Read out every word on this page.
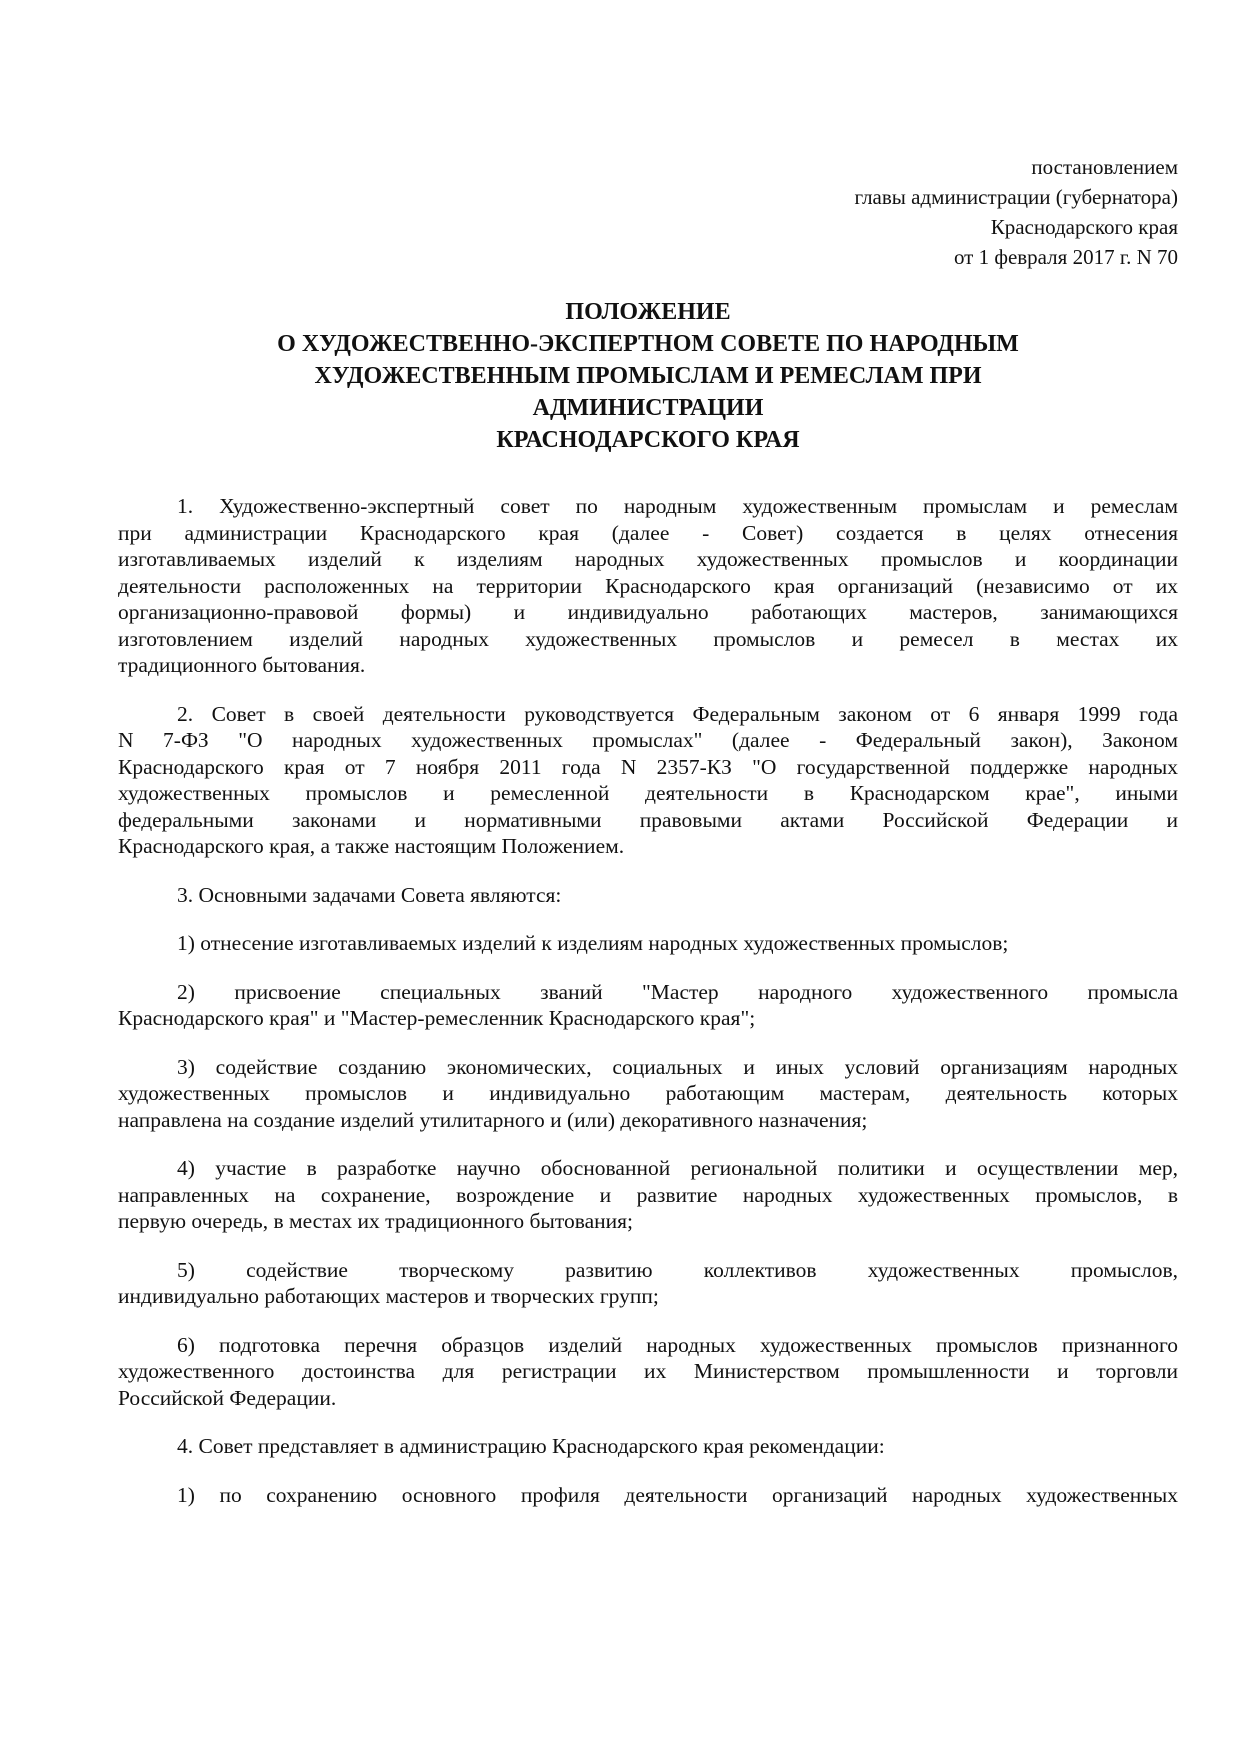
постановлением
главы администрации (губернатора)
Краснодарского края
от 1 февраля 2017 г. N 70
ПОЛОЖЕНИЕ
О ХУДОЖЕСТВЕННО-ЭКСПЕРТНОМ СОВЕТЕ ПО НАРОДНЫМ
ХУДОЖЕСТВЕННЫМ ПРОМЫСЛАМ И РЕМЕСЛАМ ПРИ
АДМИНИСТРАЦИИ
КРАСНОДАРСКОГО КРАЯ
1. Художественно-экспертный совет по народным художественным промыслам и ремеслам
при администрации Краснодарского края (далее - Совет) создается в целях отнесения
изготавливаемых изделий к изделиям народных художественных промыслов и координации
деятельности расположенных на территории Краснодарского края организаций (независимо от их
организационно-правовой формы) и индивидуально работающих мастеров, занимающихся
изготовлением изделий народных художественных промыслов и ремесел в местах их
традиционного бытования.
2. Совет в своей деятельности руководствуется Федеральным законом от 6 января 1999 года
N 7-ФЗ "О народных художественных промыслах" (далее - Федеральный закон), Законом
Краснодарского края от 7 ноября 2011 года N 2357-КЗ "О государственной поддержке народных
художественных промыслов и ремесленной деятельности в Краснодарском крае", иными
федеральными законами и нормативными правовыми актами Российской Федерации и
Краснодарского края, а также настоящим Положением.
3. Основными задачами Совета являются:
1) отнесение изготавливаемых изделий к изделиям народных художественных промыслов;
2) присвоение специальных званий "Мастер народного художественного промысла
Краснодарского края" и "Мастер-ремесленник Краснодарского края";
3) содействие созданию экономических, социальных и иных условий организациям народных
художественных промыслов и индивидуально работающим мастерам, деятельность которых
направлена на создание изделий утилитарного и (или) декоративного назначения;
4) участие в разработке научно обоснованной региональной политики и осуществлении мер,
направленных на сохранение, возрождение и развитие народных художественных промыслов, в
первую очередь, в местах их традиционного бытования;
5) содействие творческому развитию коллективов художественных промыслов,
индивидуально работающих мастеров и творческих групп;
6) подготовка перечня образцов изделий народных художественных промыслов признанного
художественного достоинства для регистрации их Министерством промышленности и торговли
Российской Федерации.
4. Совет представляет в администрацию Краснодарского края рекомендации:
1) по сохранению основного профиля деятельности организаций народных художественных
